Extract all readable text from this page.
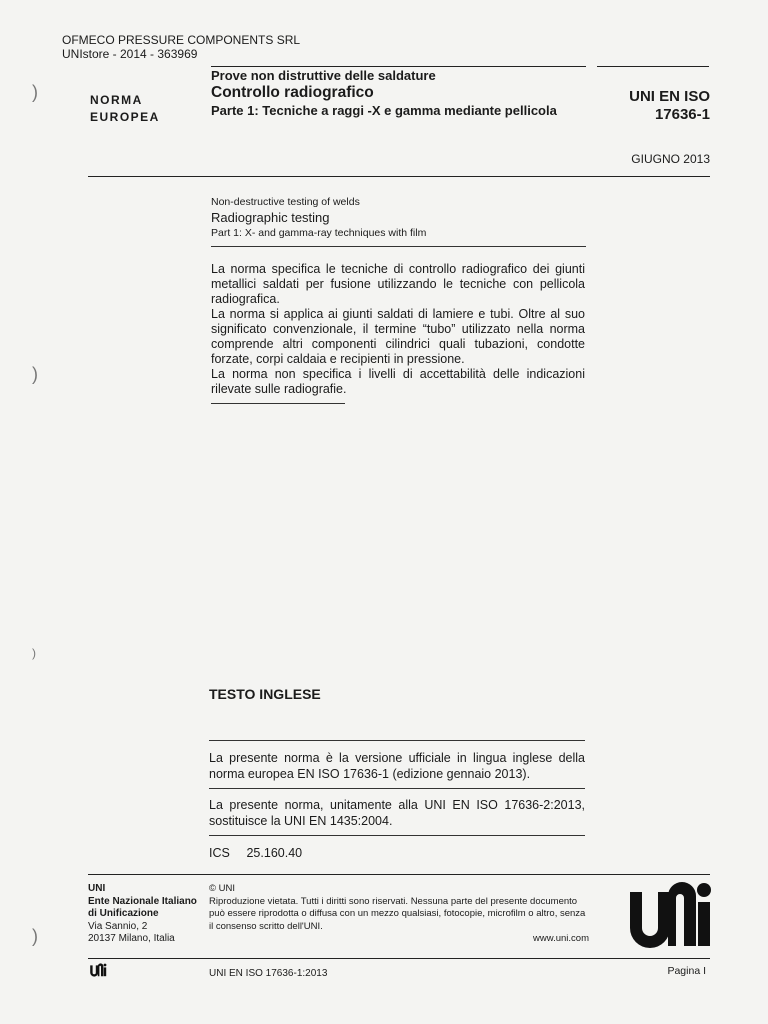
OFMECO PRESSURE COMPONENTS SRL
UNIstore - 2014 - 363969
)
)
)
)
NORMA
EUROPEA
Prove non distruttive delle saldature
Controllo radiografico
Parte 1: Tecniche a raggi -X e gamma mediante pellicola
UNI EN ISO
17636-1
GIUGNO 2013
Non-destructive testing of welds
Radiographic testing
Part 1: X- and gamma-ray techniques with film

La norma specifica le tecniche di controllo radiografico dei giunti metallici saldati per fusione utilizzando le tecniche con pellicola radiografica.

La norma si applica ai giunti saldati di lamiere e tubi. Oltre al suo significato convenzionale, il termine “tubo” utilizzato nella norma comprende altri componenti cilindrici quali tubazioni, condotte forzate, corpi caldaia e recipienti in pressione.

La norma non specifica i livelli di accettabilità delle indicazioni rilevate sulle radiografie.

TESTO INGLESE
La presente norma è la versione ufficiale in lingua inglese della norma europea EN ISO 17636-1 (edizione gennaio 2013).
La presente norma, unitamente alla UNI EN ISO 17636-2:2013, sostituisce la UNI EN 1435:2004.
ICS 25.160.40
UNI
Ente Nazionale Italiano
di Unificazione
Via Sannio, 2
20137 Milano, Italia
© UNI
Riproduzione vietata. Tutti i diritti sono riservati. Nessuna parte del presente documento può essere riprodotta o diffusa con un mezzo qualsiasi, fotocopie, microfilm o altro, senza il consenso scritto dell'UNI.
www.uni.com
UNI EN ISO 17636-1:2013	Pagina I
